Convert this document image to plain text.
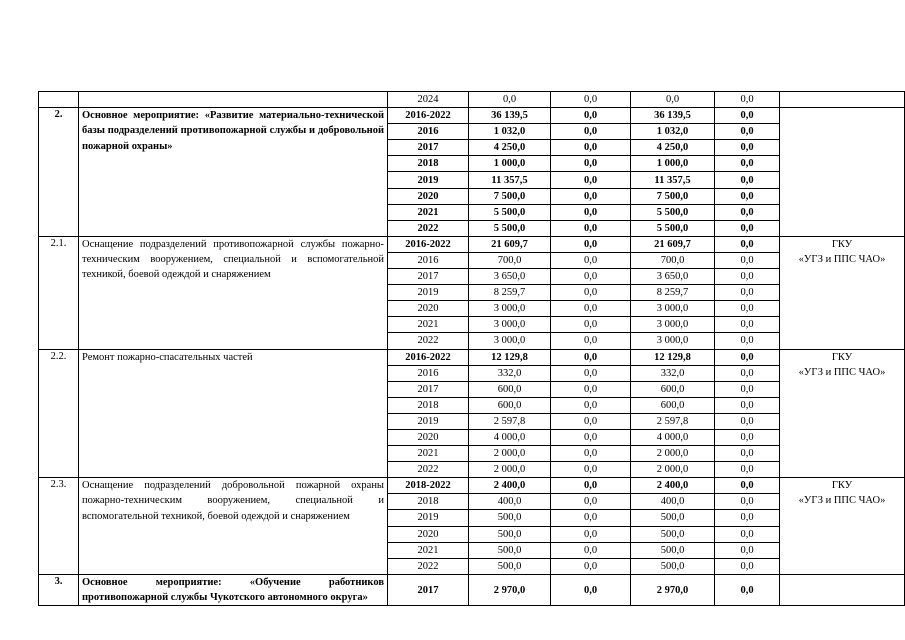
		2024	0,0	0,0	0,0	0,0	
2.	Основное мероприятие: «Развитие материально-технической базы подразделений противопожарной службы и добровольной пожарной охраны»	2016-2022	36 139,5	0,0	36 139,5	0,0	

		2016	1 032,0	0,0	1 032,0	0,0	
		2017	4 250,0	0,0	4 250,0	0,0	
		2018	1 000,0	0,0	1 000,0	0,0	
		2019	11 357,5	0,0	11 357,5	0,0	
		2020	7 500,0	0,0	7 500,0	0,0	
		2021	5 500,0	0,0	5 500,0	0,0	
		2022	5 500,0	0,0	5 500,0	0,0	
2.1.	Оснащение подразделений противопожарной службы пожарно-техническим вооружением, специальной и вспомогательной техникой, боевой одеждой и снаряжением	2016-2022	21 609,7	0,0	21 609,7	0,0	ГКУ
«УГЗ и ППС ЧАО»

		2016	700,0	0,0	700,0	0,0	
		2017	3 650,0	0,0	3 650,0	0,0	
		2019	8 259,7	0,0	8 259,7	0,0	
		2020	3 000,0	0,0	3 000,0	0,0	
		2021	3 000,0	0,0	3 000,0	0,0	
		2022	3 000,0	0,0	3 000,0	0,0	
2.2.	Ремонт пожарно-спасательных частей	2016-2022	12 129,8	0,0	12 129,8	0,0	ГКУ
«УГЗ и ППС ЧАО»

		2016	332,0	0,0	332,0	0,0	
		2017	600,0	0,0	600,0	0,0	
		2018	600,0	0,0	600,0	0,0	
		2019	2 597,8	0,0	2 597,8	0,0	
		2020	4 000,0	0,0	4 000,0	0,0	
		2021	2 000,0	0,0	2 000,0	0,0	
		2022	2 000,0	0,0	2 000,0	0,0	
2.3.	Оснащение подразделений добровольной пожарной охраны пожарно-техническим вооружением, специальной и вспомогательной техникой, боевой одеждой и снаряжением	2018-2022	2 400,0	0,0	2 400,0	0,0	ГКУ
«УГЗ и ППС ЧАО»

		2018	400,0	0,0	400,0	0,0	
		2019	500,0	0,0	500,0	0,0	
		2020	500,0	0,0	500,0	0,0	
		2021	500,0	0,0	500,0	0,0	
		2022	500,0	0,0	500,0	0,0	
3.	Основное мероприятие: «Обучение работников противопожарной службы Чукотского автономного округа»	2017	2 970,0	0,0	2 970,0	0,0	
